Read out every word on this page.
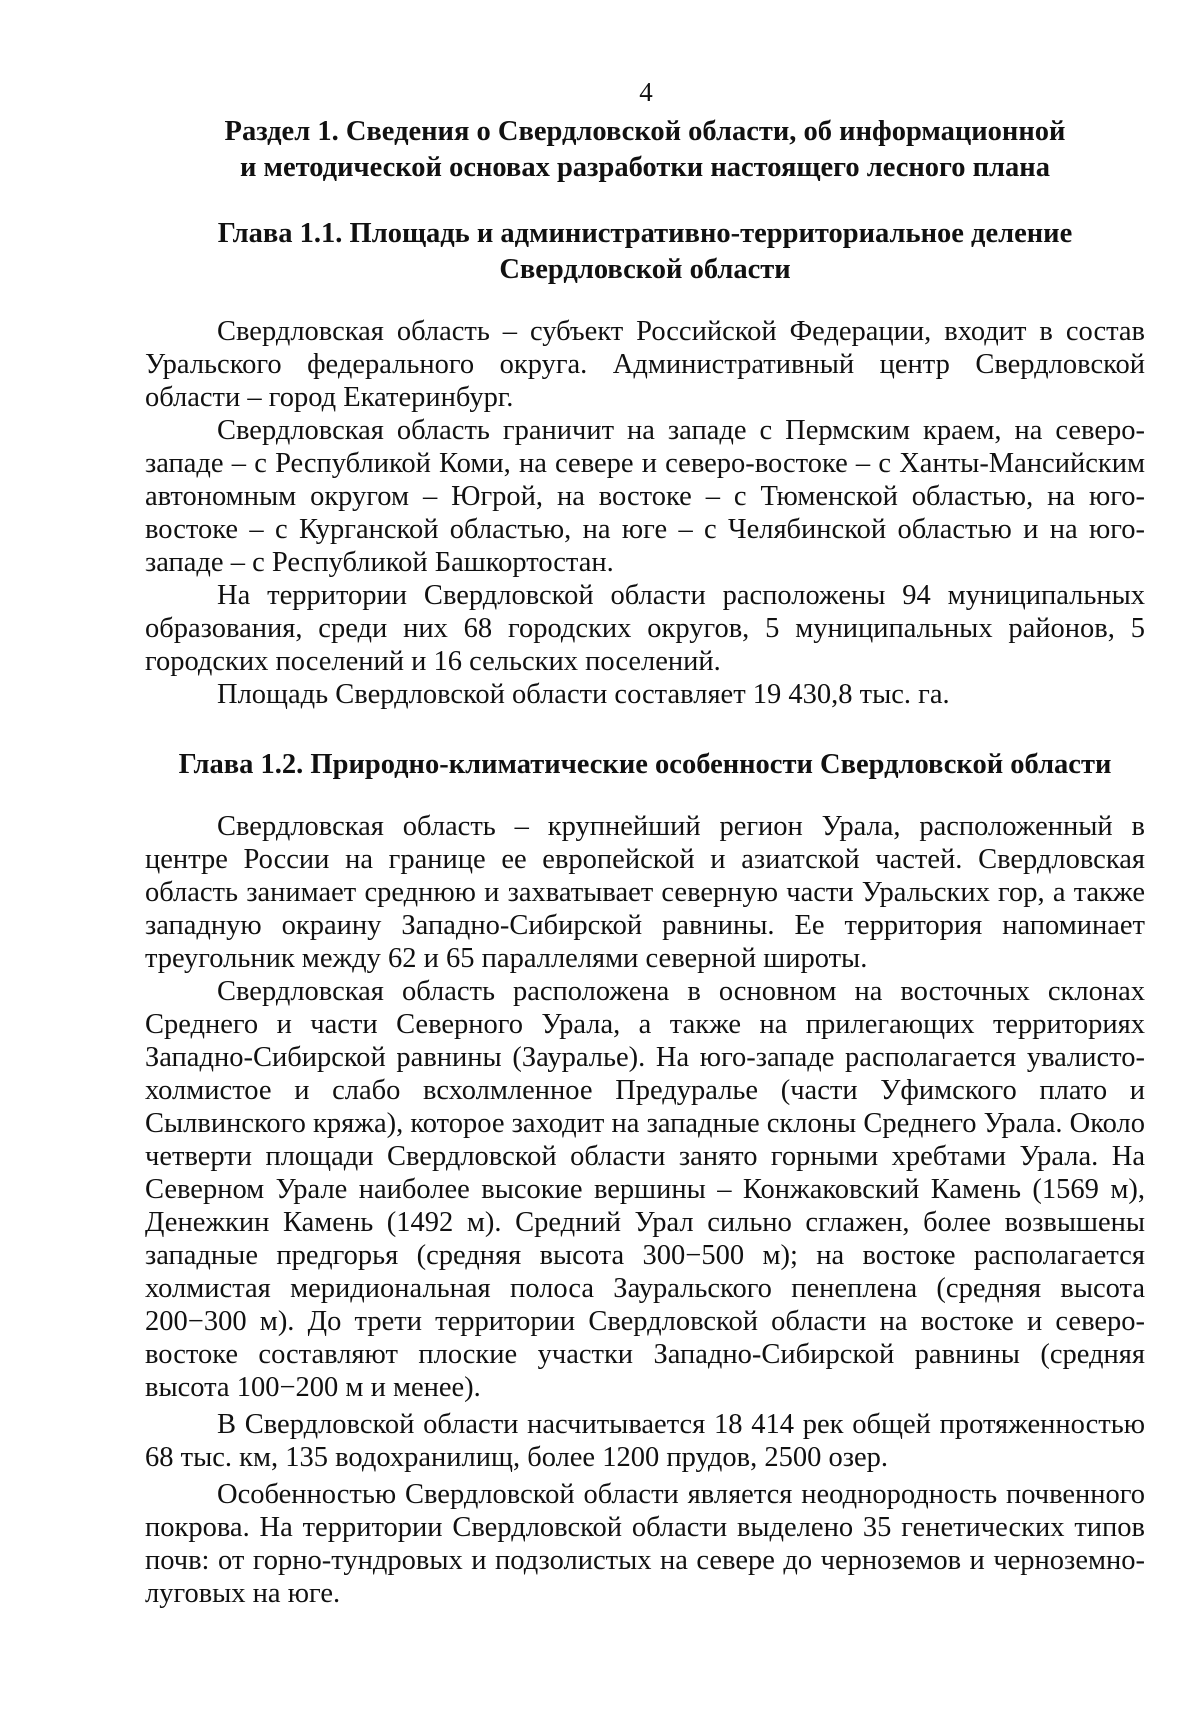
4
Раздел 1. Сведения о Свердловской области, об информационной
и методической основах разработки настоящего лесного плана
Глава 1.1. Площадь и административно-территориальное деление
Свердловской области

Свердловская область – субъект Российской Федерации, входит в состав Уральского федерального округа. Административный центр Свердловской области – город Екатеринбург.

Свердловская область граничит на западе с Пермским краем, на северо-западе – с Республикой Коми, на севере и северо-востоке – с Ханты-Мансийским автономным округом – Югрой, на востоке – с Тюменской областью, на юго-востоке – с Курганской областью, на юге – с Челябинской областью и на юго-западе – с Республикой Башкортостан.

На территории Свердловской области расположены 94 муниципальных образования, среди них 68 городских округов, 5 муниципальных районов, 5 городских поселений и 16 сельских поселений.

Площадь Свердловской области составляет 19 430,8 тыс. га.

Глава 1.2. Природно-климатические особенности Свердловской области

Свердловская область – крупнейший регион Урала, расположенный в центре России на границе ее европейской и азиатской частей. Свердловская область занимает среднюю и захватывает северную части Уральских гор, а также западную окраину Западно-Сибирской равнины. Ее территория напоминает треугольник между 62 и 65 параллелями северной широты.

Свердловская область расположена в основном на восточных склонах Среднего и части Северного Урала, а также на прилегающих территориях Западно-Сибирской равнины (Зауралье). На юго-западе располагается увалисто-холмистое и слабо всхолмленное Предуралье (части Уфимского плато и Сылвинского кряжа), которое заходит на западные склоны Среднего Урала. Около четверти площади Свердловской области занято горными хребтами Урала. На Северном Урале наиболее высокие вершины – Конжаковский Камень (1569 м), Денежкин Камень (1492 м). Средний Урал сильно сглажен, более возвышены западные предгорья (средняя высота 300−500 м); на востоке располагается холмистая меридиональная полоса Зауральского пенеплена (средняя высота 200−300 м). До трети территории Свердловской области на востоке и северо-востоке составляют плоские участки Западно-Сибирской равнины (средняя высота 100−200 м и менее).

В Свердловской области насчитывается 18 414 рек общей протяженностью 68 тыс. км, 135 водохранилищ, более 1200 прудов, 2500 озер.

Особенностью Свердловской области является неоднородность почвенного покрова. На территории Свердловской области выделено 35 генетических типов почв: от горно-тундровых и подзолистых на севере до черноземов и черноземно-луговых на юге.
